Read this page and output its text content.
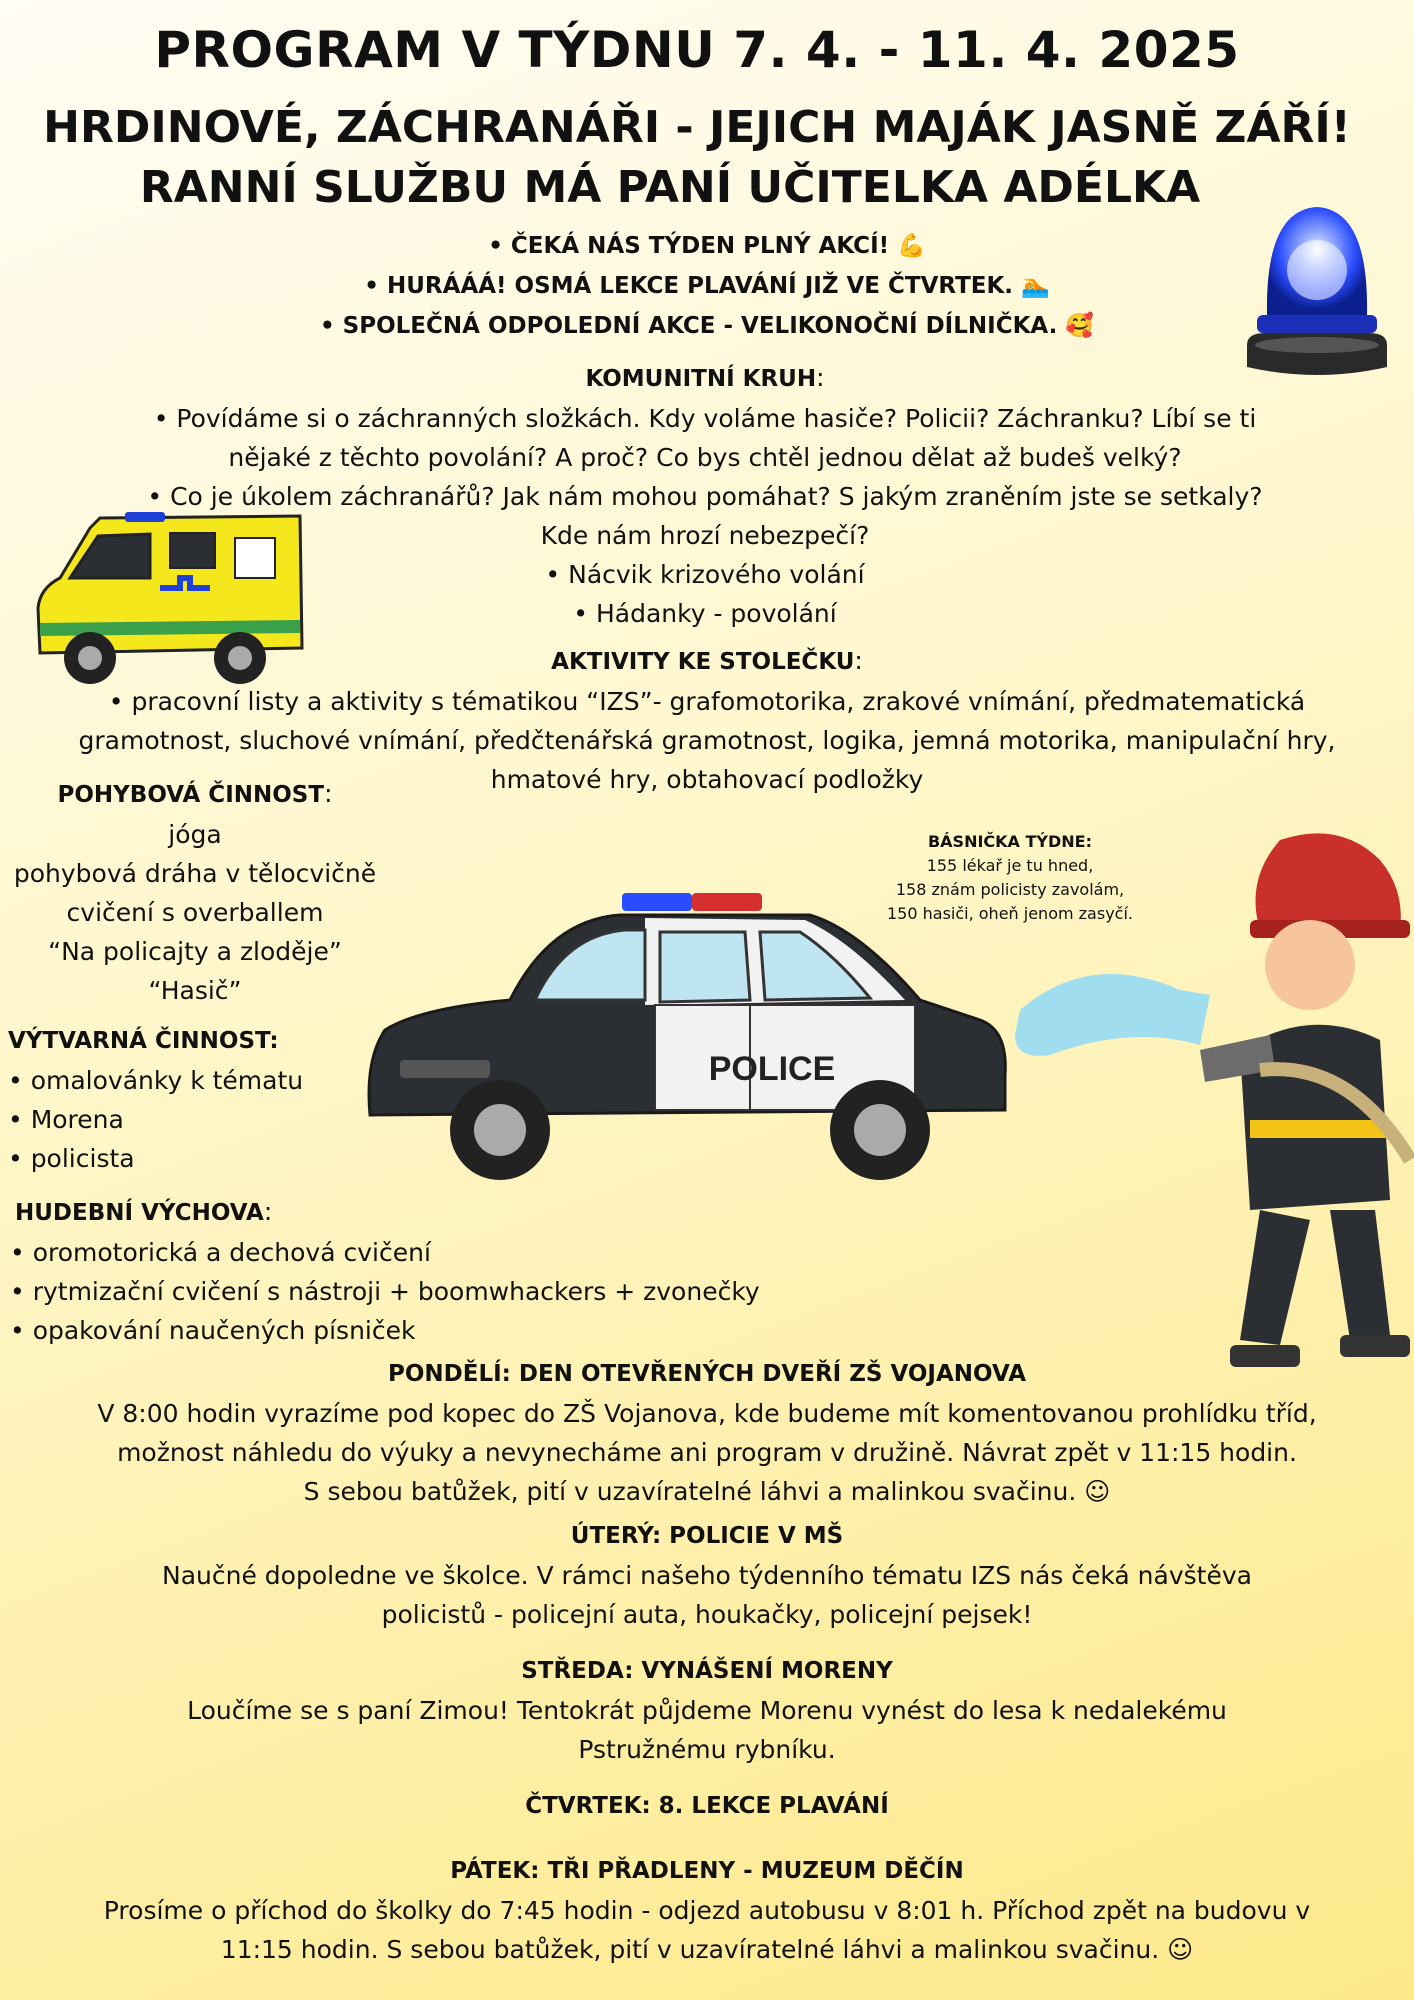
PROGRAM V TÝDNU 7. 4. - 11. 4. 2025
HRDINOVÉ, ZÁCHRANÁŘI - JEJICH MAJÁK JASNĚ ZÁŘÍ!
RANNÍ SLUŽBU MÁ PANÍ UČITELKA ADÉLKA
• ČEKÁ NÁS TÝDEN PLNÝ AKCÍ! 💪
• HURÁÁÁ! OSMÁ LEKCE PLAVÁNÍ JIŽ VE ČTVRTEK. 🏊
• SPOLEČNÁ ODPOLEDNÍ AKCE - VELIKONOČNÍ DÍLNIČKA. 🥰
KOMUNITNÍ KRUH:
• Povídáme si o záchranných složkách. Kdy voláme hasiče? Policii? Záchranku? Líbí se ti
nějaké z těchto povolání? A proč? Co bys chtěl jednou dělat až budeš velký?
• Co je úkolem záchranářů? Jak nám mohou pomáhat? S jakým zraněním jste se setkaly?
Kde nám hrozí nebezpečí?
• Nácvik krizového volání
• Hádanky - povolání
AKTIVITY KE STOLEČKU:
• pracovní listy a aktivity s tématikou “IZS”- grafomotorika, zrakové vnímání, předmatematická
gramotnost, sluchové vnímání, předčtenářská gramotnost, logika, jemná motorika, manipulační hry,
hmatové hry, obtahovací podložky
POHYBOVÁ ČINNOST:
jóga
pohybová dráha v tělocvičně
cvičení s overballem
“Na policajty a zloděje”
“Hasič”
VÝTVARNÁ ČINNOST:
• omalovánky k tématu
• Morena
• policista
HUDEBNÍ VÝCHOVA:
• oromotorická a dechová cvičení
• rytmizační cvičení s nástroji + boomwhackers + zvonečky
• opakování naučených písniček
BÁSNIČKA TÝDNE:
155 lékař je tu hned,
158 znám policisty zavolám,
150 hasiči, oheň jenom zasyčí.
POLICE
PONDĚLÍ: DEN OTEVŘENÝCH DVEŘÍ ZŠ VOJANOVA
V 8:00 hodin vyrazíme pod kopec do ZŠ Vojanova, kde budeme mít komentovanou prohlídku tříd,
možnost náhledu do výuky a nevynecháme ani program v družině. Návrat zpět v 11:15 hodin.
S sebou batůžek, pití v uzavíratelné láhvi a malinkou svačinu. ☺
ÚTERÝ: POLICIE V MŠ
Naučné dopoledne ve školce. V rámci našeho týdenního tématu IZS nás čeká návštěva
policistů - policejní auta, houkačky, policejní pejsek!
STŘEDA: VYNÁŠENÍ MORENY
Loučíme se s paní Zimou! Tentokrát půjdeme Morenu vynést do lesa k nedalekému
Pstružnému rybníku.
ČTVRTEK: 8. LEKCE PLAVÁNÍ
PÁTEK: TŘI PŘADLENY - MUZEUM DĚČÍN
Prosíme o příchod do školky do 7:45 hodin - odjezd autobusu v 8:01 h. Příchod zpět na budovu v
11:15 hodin. S sebou batůžek, pití v uzavíratelné láhvi a malinkou svačinu. ☺
